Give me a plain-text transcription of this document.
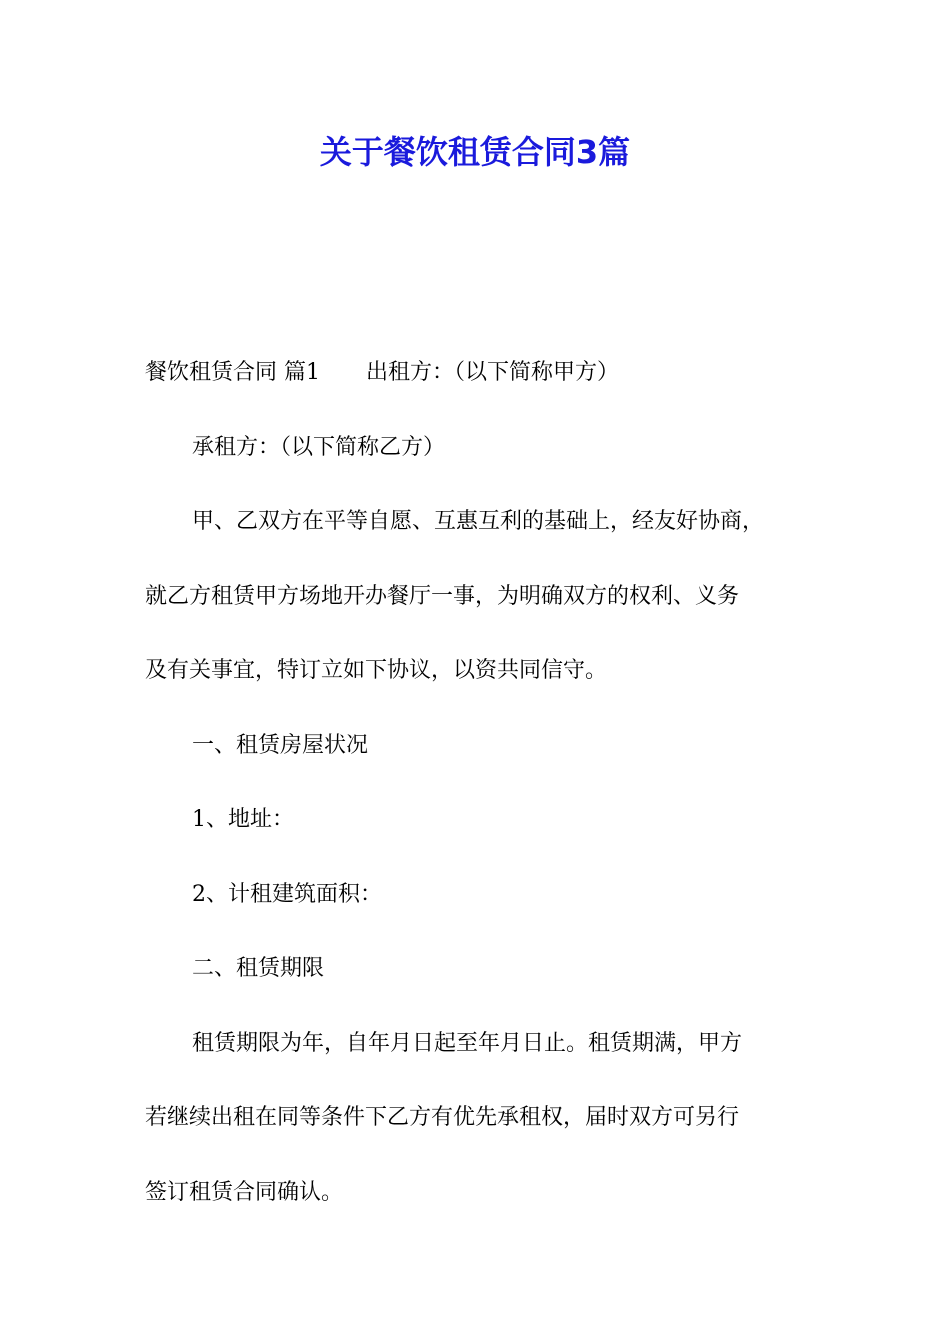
关于餐饮租赁合同3篇
餐饮租赁合同 篇1 出租方：（以下简称甲方）
承租方：（以下简称乙方）
甲、乙双方在平等自愿、互惠互利的基础上，经友好协商，
就乙方租赁甲方场地开办餐厅一事，为明确双方的权利、义务
及有关事宜，特订立如下协议，以资共同信守。
一、租赁房屋状况
1、地址：
2、计租建筑面积：
二、租赁期限
租赁期限为年，自年月日起至年月日止。租赁期满，甲方
若继续出租在同等条件下乙方有优先承租权，届时双方可另行
签订租赁合同确认。
